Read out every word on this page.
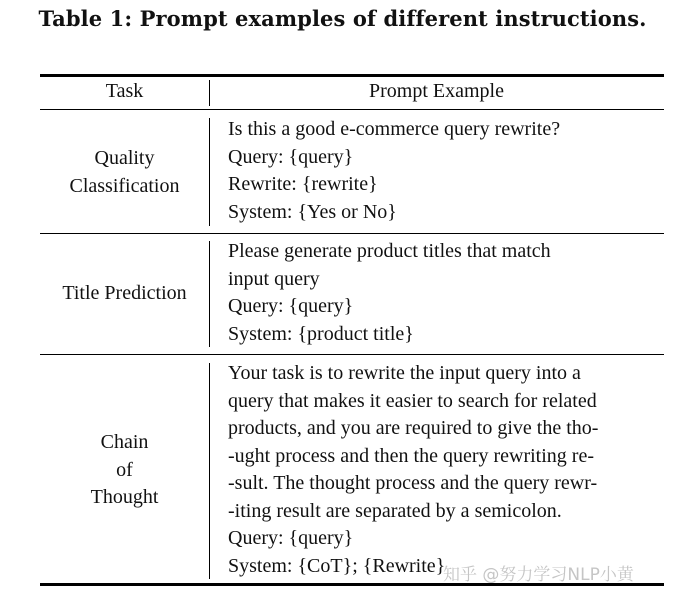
Table 1: Prompt examples of different instructions.
Task	Prompt Example
Quality
Classification
Is this a good e-commerce query rewrite?
Query: {query}
Rewrite: {rewrite}
System: {Yes or No}
Title Prediction
Please generate product titles that match
input query
Query: {query}
System: {product title}
Chain
of
Thought
Your task is to rewrite the input query into a
query that makes it easier to search for related
products, and you are required to give the tho-
-ught process and then the query rewriting re-
-sult. The thought process and the query rewr-
-iting result are separated by a semicolon.
Query: {query}
System: {CoT}; {Rewrite}
知乎 @努力学习NLP小黄
